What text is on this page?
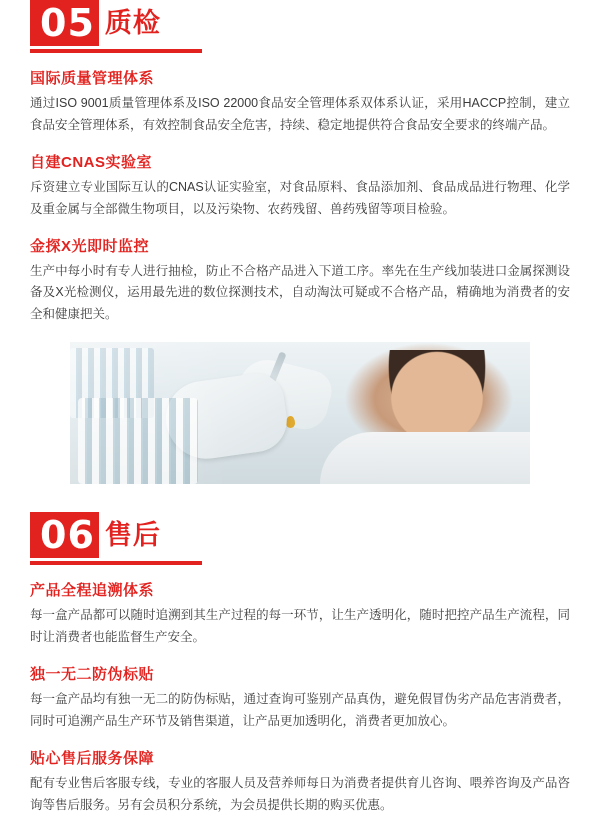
05 质检
国际质量管理体系

通过ISO 9001质量管理体系及ISO 22000食品安全管理体系双体系认证，采用HACCP控制，建立食品安全管理体系，有效控制食品安全危害，持续、稳定地提供符合食品安全要求的终端产品。

自建CNAS实验室

斥资建立专业国际互认的CNAS认证实验室，对食品原料、食品添加剂、食品成品进行物理、化学及重金属与全部微生物项目，以及污染物、农药残留、兽药残留等项目检验。

金探X光即时监控

生产中每小时有专人进行抽检，防止不合格产品进入下道工序。率先在生产线加装进口金属探测设备及X光检测仪，运用最先进的数位探测技术，自动淘汰可疑或不合格产品，精确地为消费者的安全和健康把关。

06 售后
产品全程追溯体系

每一盒产品都可以随时追溯到其生产过程的每一环节，让生产透明化，随时把控产品生产流程，同时让消费者也能监督生产安全。

独一无二防伪标贴

每一盒产品均有独一无二的防伪标贴，通过查询可鉴别产品真伪，避免假冒伪劣产品危害消费者，同时可追溯产品生产环节及销售渠道，让产品更加透明化，消费者更加放心。

贴心售后服务保障

配有专业售后客服专线，专业的客服人员及营养师每日为消费者提供育儿咨询、喂养咨询及产品咨询等售后服务。另有会员积分系统，为会员提供长期的购买优惠。
